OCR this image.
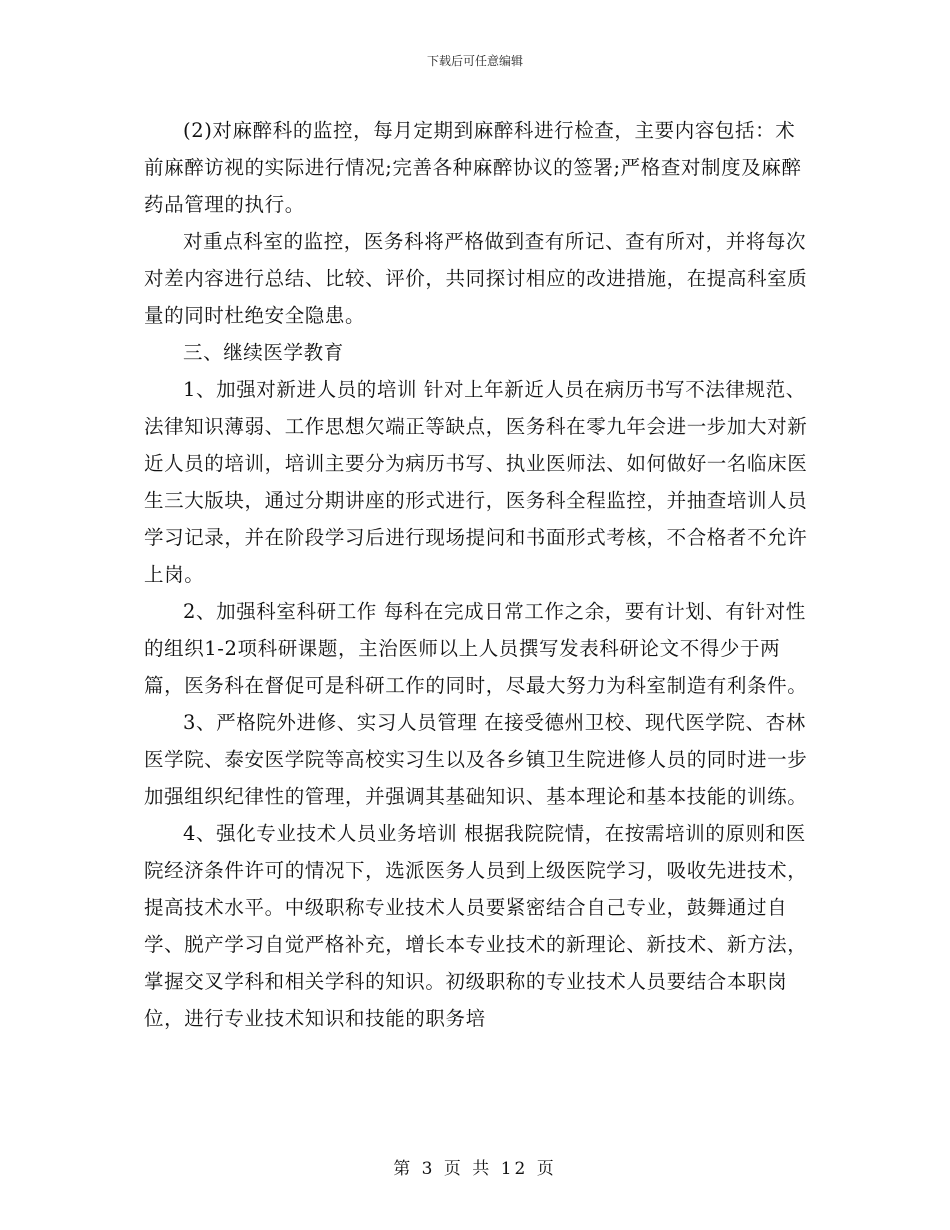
下载后可任意编辑

(2)对麻醉科的监控，每月定期到麻醉科进行检查，主要内容包括：术前麻醉访视的实际进行情况;完善各种麻醉协议的签署;严格查对制度及麻醉药品管理的执行。

对重点科室的监控，医务科将严格做到查有所记、查有所对，并将每次对差内容进行总结、比较、评价，共同探讨相应的改进措施，在提高科室质量的同时杜绝安全隐患。

三、继续医学教育

1、加强对新进人员的培训 针对上年新近人员在病历书写不法律规范、法律知识薄弱、工作思想欠端正等缺点，医务科在零九年会进一步加大对新近人员的培训，培训主要分为病历书写、执业医师法、如何做好一名临床医生三大版块，通过分期讲座的形式进行，医务科全程监控，并抽查培训人员学习记录，并在阶段学习后进行现场提问和书面形式考核，不合格者不允许上岗。

2、加强科室科研工作 每科在完成日常工作之余，要有计划、有针对性的组织1-2项科研课题，主治医师以上人员撰写发表科研论文不得少于两篇，医务科在督促可是科研工作的同时，尽最大努力为科室制造有利条件。

3、严格院外进修、实习人员管理 在接受德州卫校、现代医学院、杏林医学院、泰安医学院等高校实习生以及各乡镇卫生院进修人员的同时进一步加强组织纪律性的管理，并强调其基础知识、基本理论和基本技能的训练。

4、强化专业技术人员业务培训 根据我院院情，在按需培训的原则和医院经济条件许可的情况下，选派医务人员到上级医院学习，吸收先进技术，提高技术水平。中级职称专业技术人员要紧密结合自己专业，鼓舞通过自学、脱产学习自觉严格补充，增长本专业技术的新理论、新技术、新方法，掌握交叉学科和相关学科的知识。初级职称的专业技术人员要结合本职岗位，进行专业技术知识和技能的职务培

第 3 页 共 12 页
